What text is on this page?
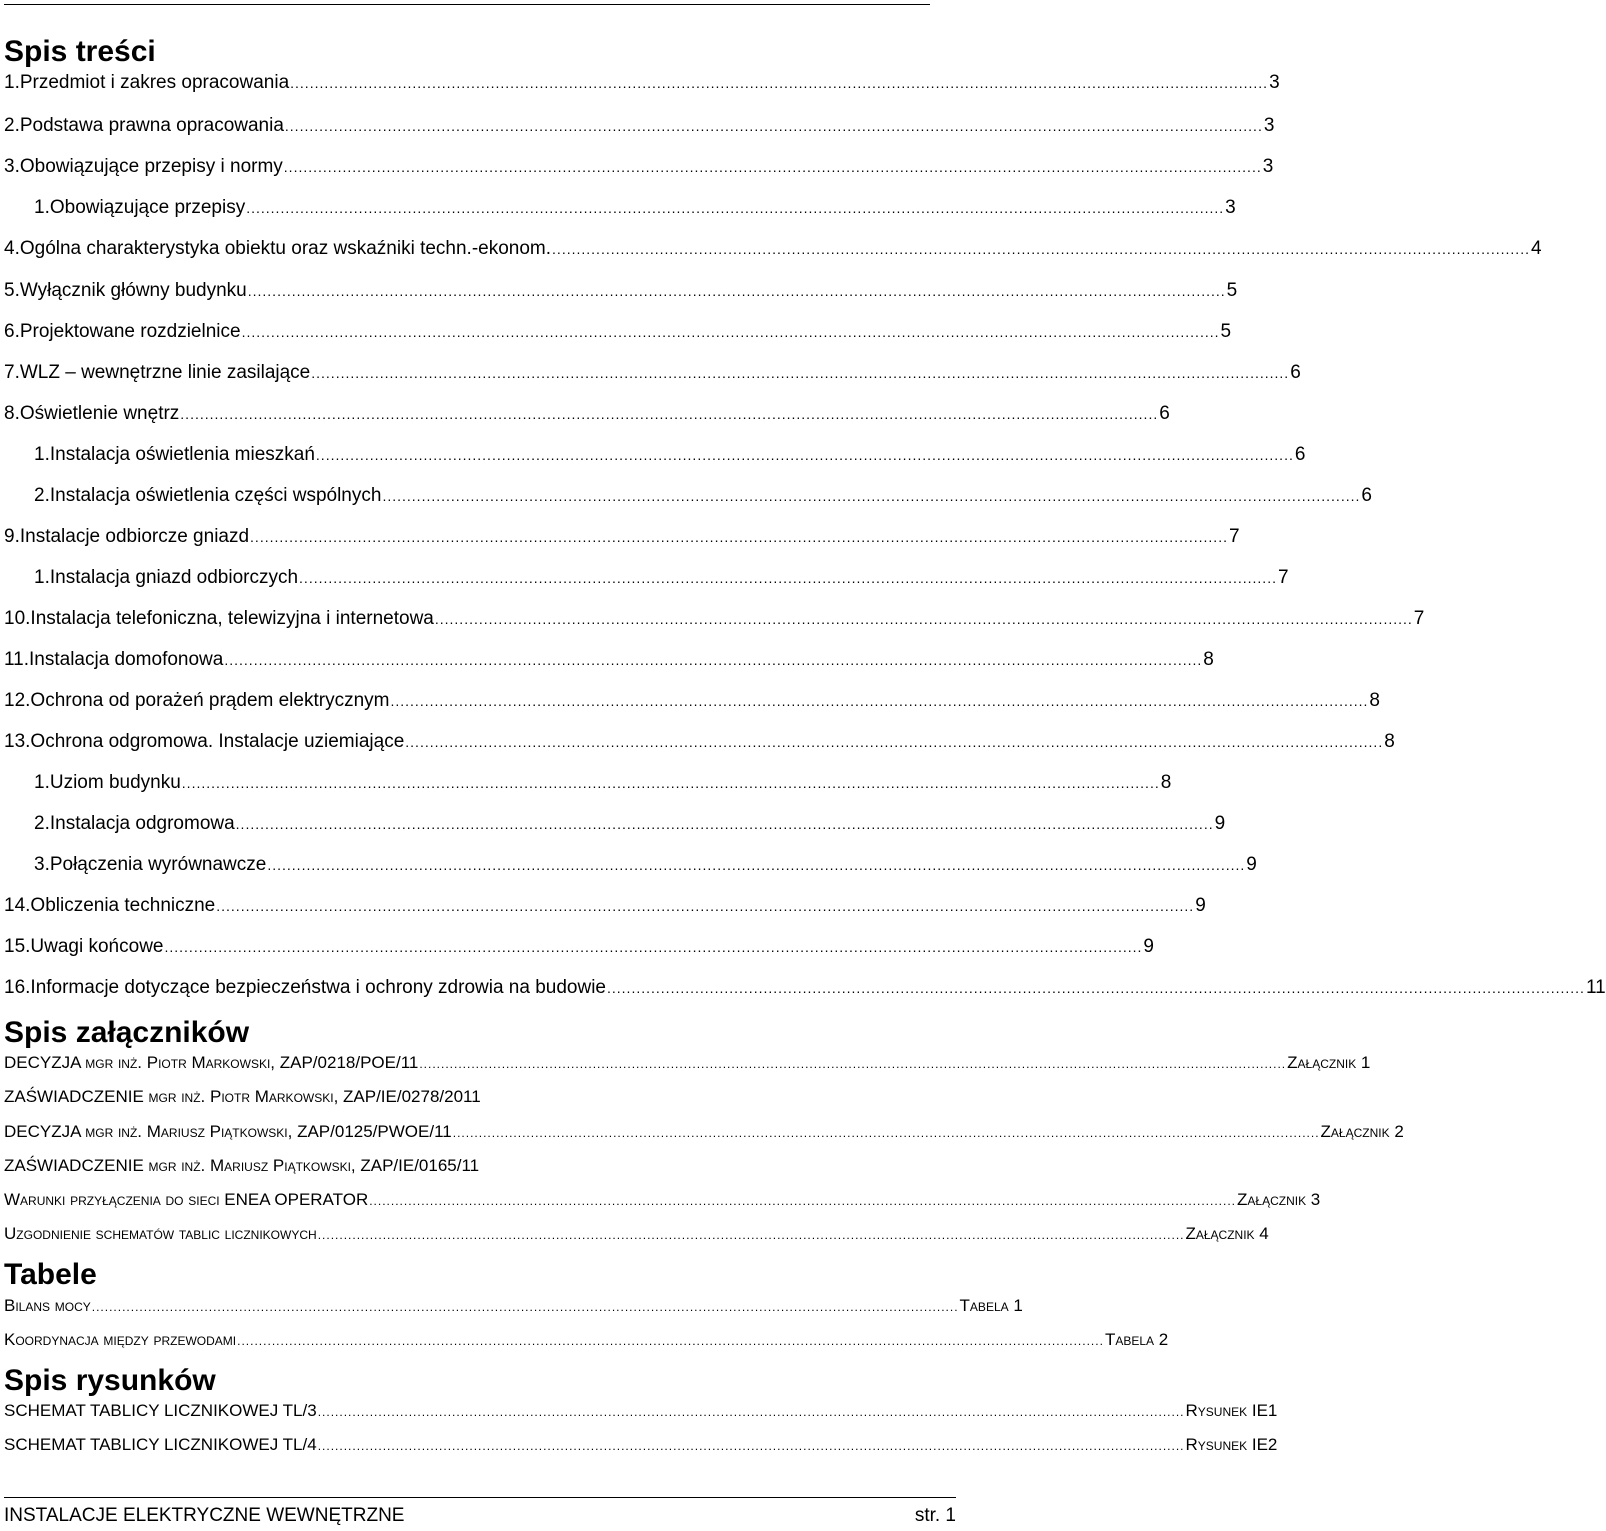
Spis treści
Spis załączników
Tabele
Spis rysunków
1.Przedmiot i zakres opracowania ........................................................................................................................................................................................................ 3
2.Podstawa prawna opracowania ........................................................................................................................................................................................................ 3
3.Obowiązujące przepisy i normy ........................................................................................................................................................................................................ 3
1.Obowiązujące przepisy ........................................................................................................................................................................................................ 3
4.Ogólna charakterystyka obiektu oraz wskaźniki techn.-ekonom. ........................................................................................................................................................................................................ 4
5.Wyłącznik główny budynku ........................................................................................................................................................................................................ 5
6.Projektowane rozdzielnice ........................................................................................................................................................................................................ 5
7.WLZ – wewnętrzne linie zasilające ........................................................................................................................................................................................................ 6
8.Oświetlenie wnętrz ........................................................................................................................................................................................................ 6
1.Instalacja oświetlenia mieszkań ........................................................................................................................................................................................................ 6
2.Instalacja oświetlenia części wspólnych ........................................................................................................................................................................................................ 6
9.Instalacje odbiorcze gniazd ........................................................................................................................................................................................................ 7
1.Instalacja gniazd odbiorczych ........................................................................................................................................................................................................ 7
10.Instalacja telefoniczna, telewizyjna i internetowa ........................................................................................................................................................................................................ 7
11.Instalacja domofonowa ........................................................................................................................................................................................................ 8
12.Ochrona od porażeń prądem elektrycznym ........................................................................................................................................................................................................ 8
13.Ochrona odgromowa. Instalacje uziemiające ........................................................................................................................................................................................................ 8
1.Uziom budynku ........................................................................................................................................................................................................ 8
2.Instalacja odgromowa ........................................................................................................................................................................................................ 9
3.Połączenia wyrównawcze ........................................................................................................................................................................................................ 9
14.Obliczenia techniczne ........................................................................................................................................................................................................ 9
15.Uwagi końcowe ........................................................................................................................................................................................................ 9
16.Informacje dotyczące bezpieczeństwa i ochrony zdrowia na budowie ........................................................................................................................................................................................................ 11
DECYZJA mgr inż. Piotr Markowski, ZAP/0218/POE/11 ........................................................................................................................................................................................................ Załącznik 1
ZAŚWIADCZENIE mgr inż. Piotr Markowski, ZAP/IE/0278/2011
DECYZJA mgr inż. Mariusz Piątkowski, ZAP/0125/PWOE/11 ........................................................................................................................................................................................................ Załącznik 2
ZAŚWIADCZENIE mgr inż. Mariusz Piątkowski, ZAP/IE/0165/11
Warunki przyłączenia do sieci ENEA OPERATOR ........................................................................................................................................................................................................ Załącznik 3
Uzgodnienie schematów tablic licznikowych ........................................................................................................................................................................................................ Załącznik 4
Bilans mocy ........................................................................................................................................................................................................ Tabela 1
Koordynacja między przewodami ........................................................................................................................................................................................................ Tabela 2
SCHEMAT TABLICY LICZNIKOWEJ TL/3 ........................................................................................................................................................................................................ Rysunek IE1
SCHEMAT TABLICY LICZNIKOWEJ TL/4 ........................................................................................................................................................................................................ Rysunek IE2
INSTALACJE ELEKTRYCZNE WEWNĘTRZNE	str. 1
